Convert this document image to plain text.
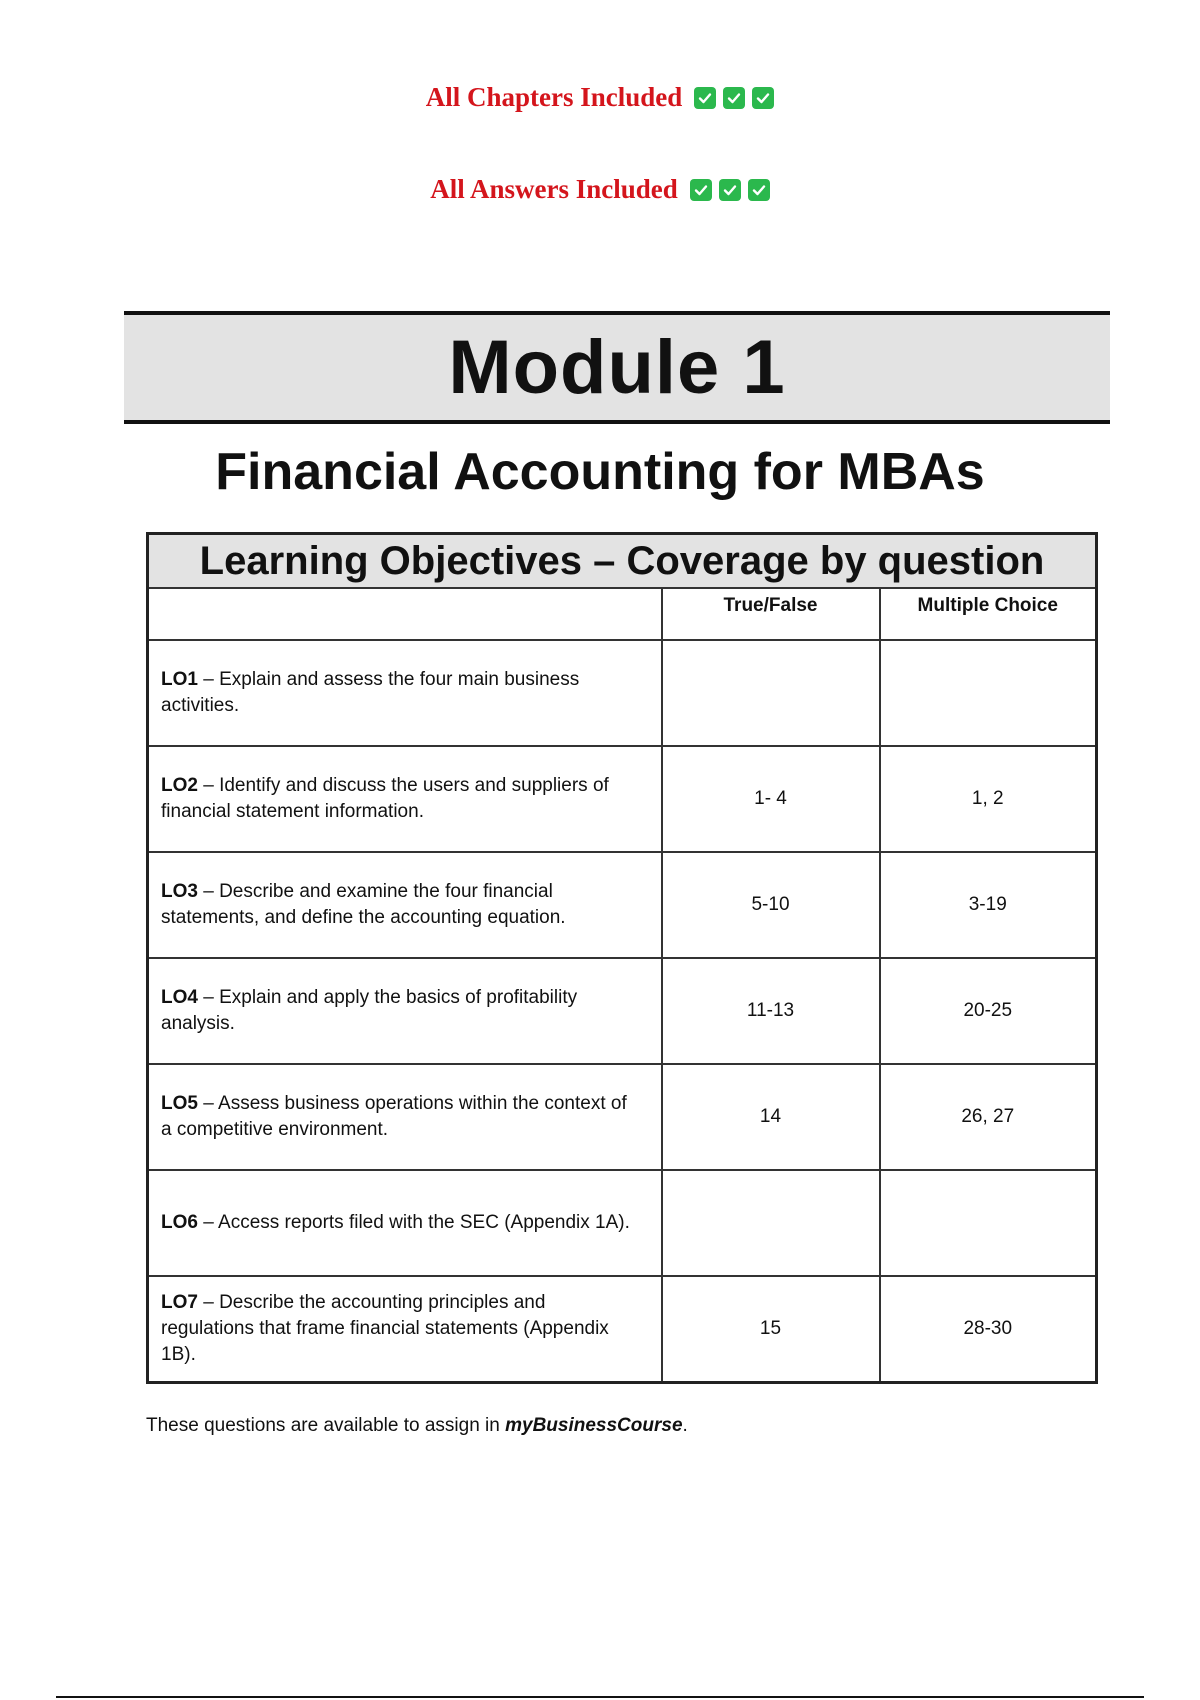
All Chapters Included
All Answers Included
Module 1
Financial Accounting for MBAs
Learning Objectives – Coverage by question		
	True/False	Multiple Choice
LO1 – Explain and assess the four main business activities.		
LO2 – Identify and discuss the users and suppliers of financial statement information.	1- 4	1, 2
LO3 – Describe and examine the four financial statements, and define the accounting equation.	5-10	3-19
LO4 – Explain and apply the basics of profitability analysis.	11-13	20-25
LO5 – Assess business operations within the context of a competitive environment.	14	26, 27
LO6 – Access reports filed with the SEC (Appendix 1A).		
LO7 – Describe the accounting principles and regulations that frame financial statements (Appendix 1B).	15	28-30
These questions are available to assign in myBusinessCourse.
